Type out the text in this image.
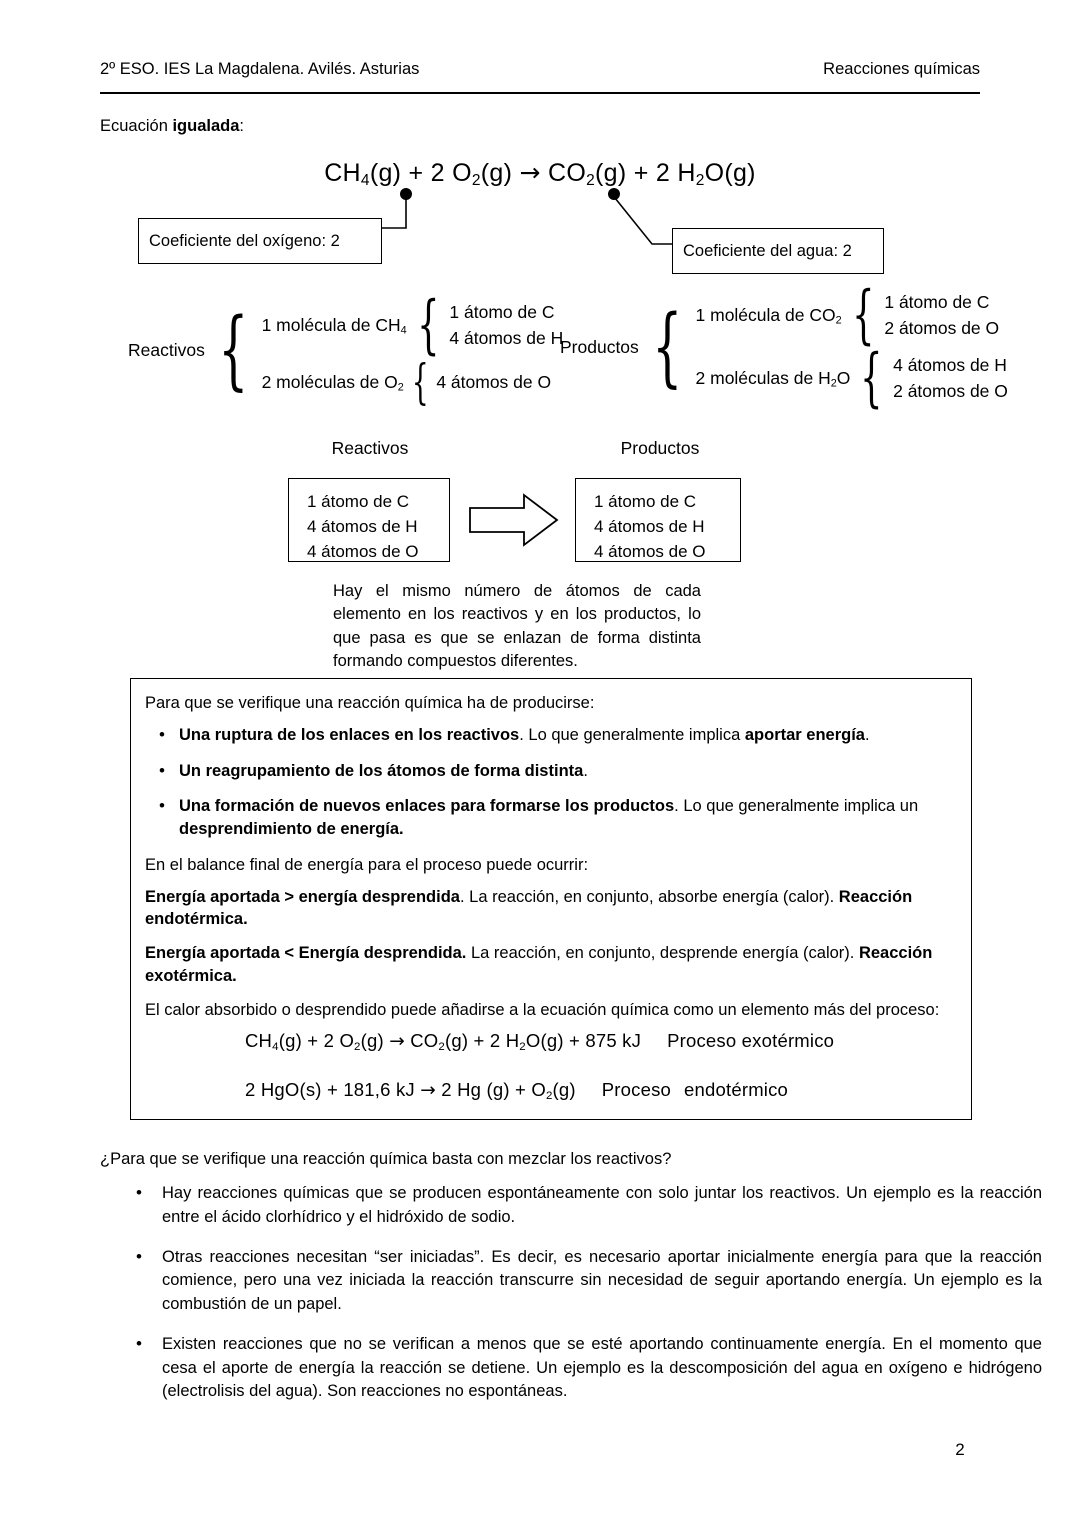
2º ESO. IES La Magdalena. Avilés. Asturias	Reacciones químicas
Ecuación igualada:
$CH_4(g) + 2$ $O_2(g) \to CO_2(g) + 2$ $H_2O(g)$
Coeficiente del oxígeno: 2
Coeficiente del agua: 2
Reactivos { 1 molécula de $CH_4$ { 1 átomo de C
4 átomos de H
2 moléculas de $O_2$ { 4 átomos de O
Productos { 1 molécula de $CO_2$ { 1 átomo de C
2 átomos de O
2 moléculas de $H_2O$ { 4 átomos de H
2 átomos de O
Reactivos	Productos
1 átomo de C
4 átomos de H
4 átomos de O
1 átomo de C
4 átomos de H
4 átomos de O
Hay el mismo número de átomos de cada elemento en los reactivos y en los productos, lo que pasa es que se enlazan de forma distinta formando compuestos diferentes.

Para que se verifique una reacción química ha de producirse:

• Una ruptura de los enlaces en los reactivos. Lo que generalmente implica aportar energía.
• Un reagrupamiento de los átomos de forma distinta.
• Una formación de nuevos enlaces para formarse los productos. Lo que generalmente implica un desprendimiento de energía.

En el balance final de energía para el proceso puede ocurrir:

Energía aportada > energía desprendida. La reacción, en conjunto, absorbe energía (calor). Reacción endotérmica.

Energía aportada < Energía desprendida. La reacción, en conjunto, desprende energía (calor). Reacción exotérmica.

El calor absorbido o desprendido puede añadirse a la ecuación química como un elemento más del proceso:

$CH_4(g) + 2$ $O_2(g) \to CO_2(g) + 2$ $H_2O(g) + 875$ kJ Proceso exotérmico
2 HgO(s) + 181,6 kJ → 2 Hg $(g) + O_2(g)$ Proceso endotérmico
¿Para que se verifique una reacción química basta con mezclar los reactivos?
• Hay reacciones químicas que se producen espontáneamente con solo juntar los reactivos. Un ejemplo es la reacción entre el ácido clorhídrico y el hidróxido de sodio.
• Otras reacciones necesitan “ser iniciadas”. Es decir, es necesario aportar inicialmente energía para que la reacción comience, pero una vez iniciada la reacción transcurre sin necesidad de seguir aportando energía. Un ejemplo es la combustión de un papel.
• Existen reacciones que no se verifican a menos que se esté aportando continuamente energía. En el momento que cesa el aporte de energía la reacción se detiene. Un ejemplo es la descomposición del agua en oxígeno e hidrógeno (electrolisis del agua). Son reacciones no espontáneas.
2
